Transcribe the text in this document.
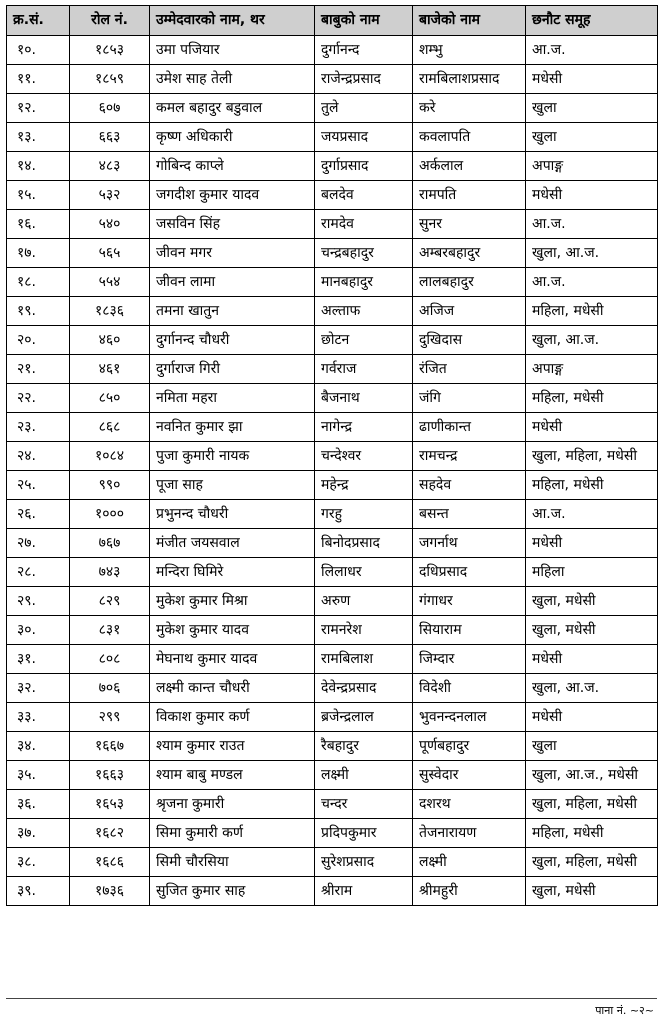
क्र.सं.	रोल नं.	उम्मेदवारको नाम, थर	बाबुको नाम	बाजेको नाम	छनौट समूह
१०.	१८५३	उमा पजियार	दुर्गानन्द	शम्भु	आ.ज.
११.	१८५९	उमेश साह तेली	राजेन्द्रप्रसाद	रामबिलाशप्रसाद	मधेसी
१२.	६०७	कमल बहादुर बडुवाल	तुले	करे	खुला
१३.	६६३	कृष्ण अधिकारी	जयप्रसाद	कवलापति	खुला
१४.	४८३	गोबिन्द काप्ले	दुर्गाप्रसाद	अर्कलाल	अपाङ्ग
१५.	५३२	जगदीश कुमार यादव	बलदेव	रामपति	मधेसी
१६.	५४०	जसविन सिंह	रामदेव	सुनर	आ.ज.
१७.	५६५	जीवन मगर	चन्द्रबहादुर	अम्बरबहादुर	खुला, आ.ज.
१८.	५५४	जीवन लामा	मानबहादुर	लालबहादुर	आ.ज.
१९.	१८३६	तमना खातुन	अल्ताफ	अजिज	महिला, मधेसी
२०.	४६०	दुर्गानन्द चौधरी	छोटन	दुखिदास	खुला, आ.ज.
२१.	४६१	दुर्गाराज गिरी	गर्वराज	रंजित	अपाङ्ग
२२.	८५०	नमिता महरा	बैजनाथ	जंगि	महिला, मधेसी
२३.	८६८	नवनित कुमार झा	नागेन्द्र	ढाणीकान्त	मधेसी
२४.	१०८४	पुजा कुमारी नायक	चन्देश्वर	रामचन्द्र	खुला, महिला, मधेसी
२५.	९९०	पूजा साह	महेन्द्र	सहदेव	महिला, मधेसी
२६.	१०००	प्रभुनन्द चौधरी	गरहु	बसन्त	आ.ज.
२७.	७६७	मंजीत जयसवाल	बिनोदप्रसाद	जगर्नाथ	मधेसी
२८.	७४३	मन्दिरा घिमिरे	लिलाधर	दधिप्रसाद	महिला
२९.	८२९	मुकेश कुमार मिश्रा	अरुण	गंगाधर	खुला, मधेसी
३०.	८३१	मुकेश कुमार यादव	रामनरेश	सियाराम	खुला, मधेसी
३१.	८०८	मेघनाथ कुमार यादव	रामबिलाश	जिम्दार	मधेसी
३२.	७०६	लक्ष्मी कान्त चौधरी	देवेन्द्रप्रसाद	विदेशी	खुला, आ.ज.
३३.	२९९	विकाश कुमार कर्ण	ब्रजेन्द्रलाल	भुवनन्दनलाल	मधेसी
३४.	१६६७	श्याम कुमार राउत	रैबहादुर	पूर्णबहादुर	खुला
३५.	१६६३	श्याम बाबु मण्डल	लक्ष्मी	सुस्वेदार	खुला, आ.ज., मधेसी
३६.	१६५३	श्रृजना कुमारी	चन्दर	दशरथ	खुला, महिला, मधेसी
३७.	१६८२	सिमा कुमारी कर्ण	प्रदिपकुमार	तेजनारायण	महिला, मधेसी
३८.	१६८६	सिमी चौरसिया	सुरेशप्रसाद	लक्ष्मी	खुला, महिला, मधेसी
३९.	१७३६	सुजित कुमार साह	श्रीराम	श्रीमहुरी	खुला, मधेसी
पाना नं. ~२~
